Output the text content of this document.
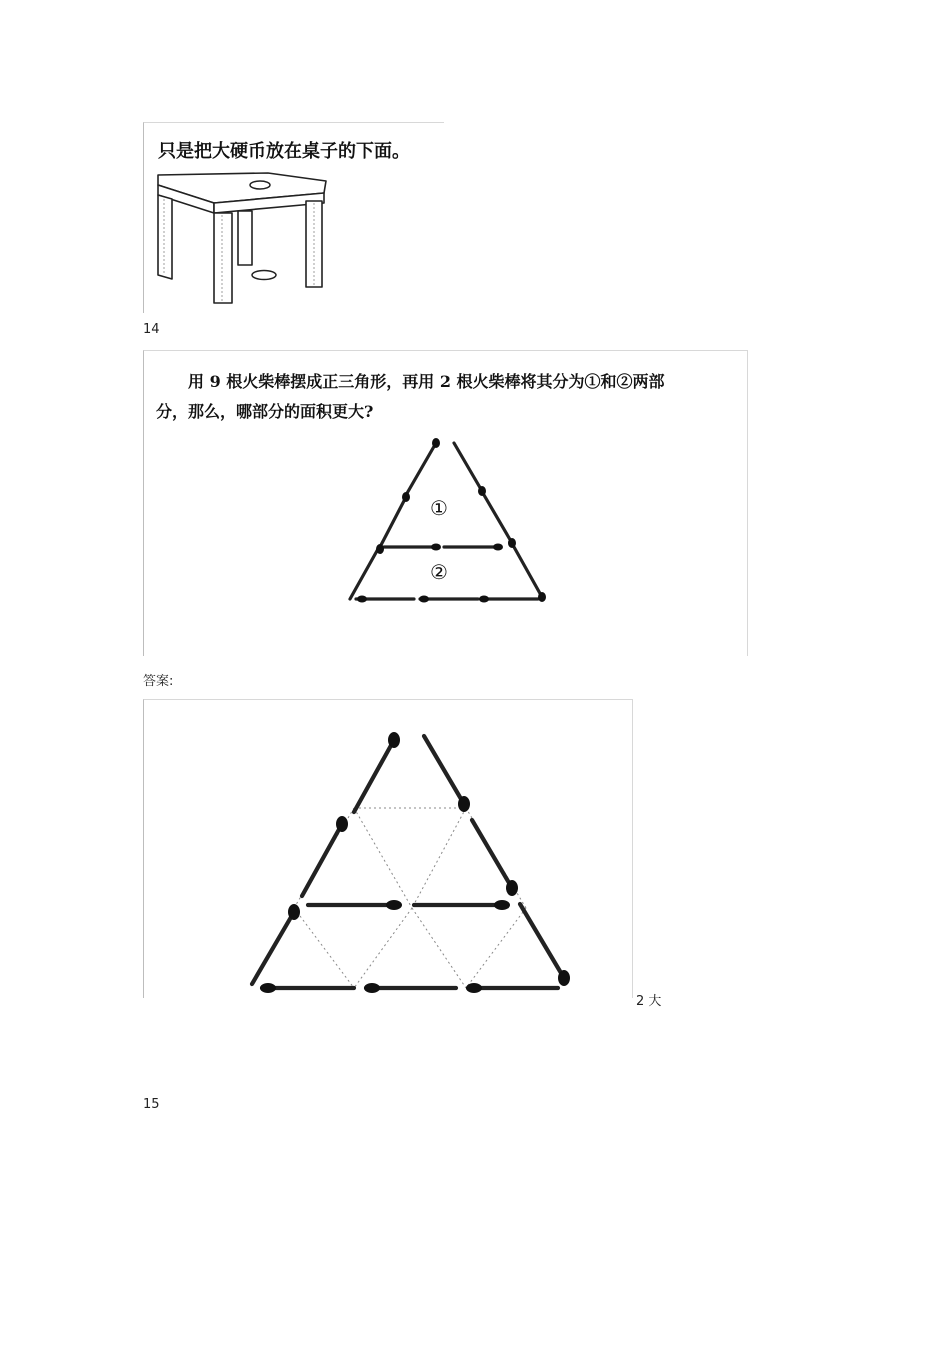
只是把大硬币放在桌子的下面。
14
用 9 根火柴棒摆成正三角形，再用 2 根火柴棒将其分为①和②两部
分，那么，哪部分的面积更大?
①
②
答案:
2 大
15
